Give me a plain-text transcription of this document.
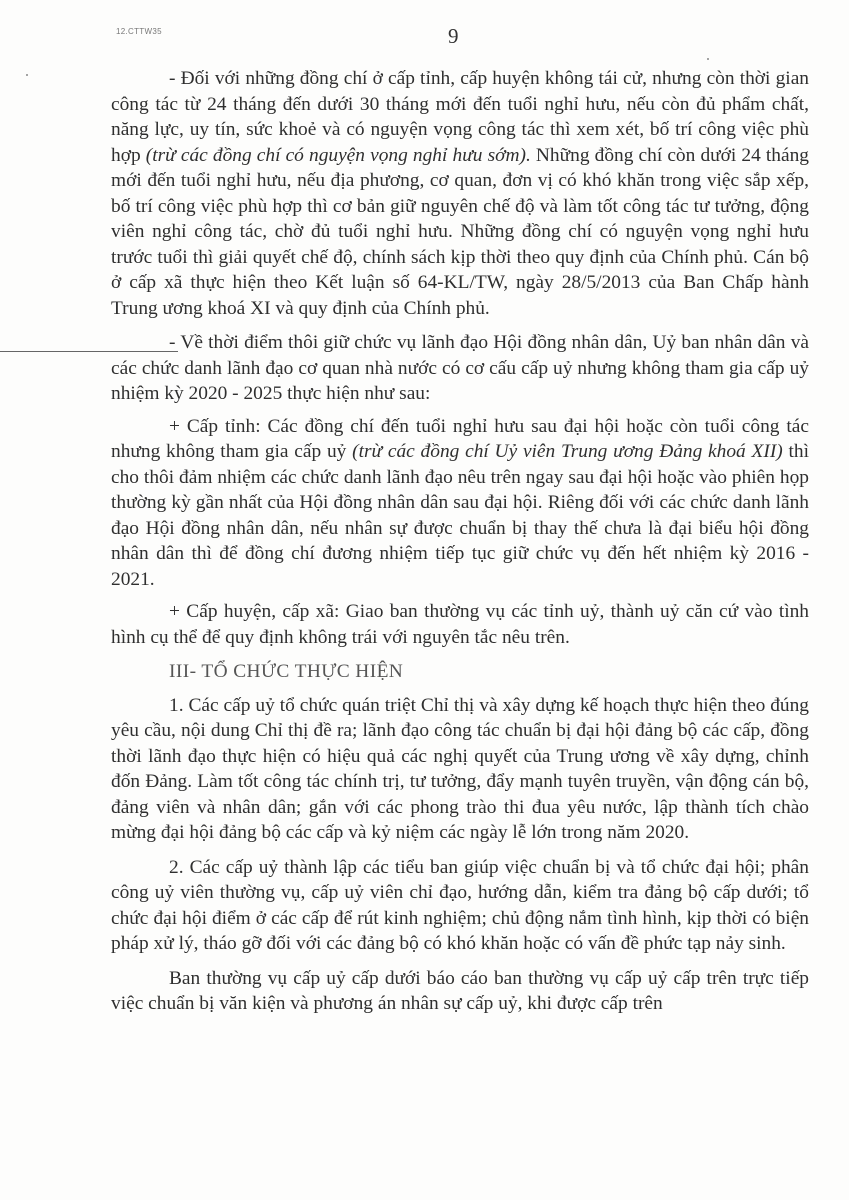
12.CTTW35	9

- Đối với những đồng chí ở cấp tỉnh, cấp huyện không tái cử, nhưng còn thời gian công tác từ 24 tháng đến dưới 30 tháng mới đến tuổi nghỉ hưu, nếu còn đủ phẩm chất, năng lực, uy tín, sức khoẻ và có nguyện vọng công tác thì xem xét, bố trí công việc phù hợp (trừ các đồng chí có nguyện vọng nghỉ hưu sớm). Những đồng chí còn dưới 24 tháng mới đến tuổi nghỉ hưu, nếu địa phương, cơ quan, đơn vị có khó khăn trong việc sắp xếp, bố trí công việc phù hợp thì cơ bản giữ nguyên chế độ và làm tốt công tác tư tưởng, động viên nghỉ công tác, chờ đủ tuổi nghỉ hưu. Những đồng chí có nguyện vọng nghỉ hưu trước tuổi thì giải quyết chế độ, chính sách kịp thời theo quy định của Chính phủ. Cán bộ ở cấp xã thực hiện theo Kết luận số 64-KL/TW, ngày 28/5/2013 của Ban Chấp hành Trung ương khoá XI và quy định của Chính phủ.

- Về thời điểm thôi giữ chức vụ lãnh đạo Hội đồng nhân dân, Uỷ ban nhân dân và các chức danh lãnh đạo cơ quan nhà nước có cơ cấu cấp uỷ nhưng không tham gia cấp uỷ nhiệm kỳ 2020 - 2025 thực hiện như sau:

+ Cấp tỉnh: Các đồng chí đến tuổi nghỉ hưu sau đại hội hoặc còn tuổi công tác nhưng không tham gia cấp uỷ (trừ các đồng chí Uỷ viên Trung ương Đảng khoá XII) thì cho thôi đảm nhiệm các chức danh lãnh đạo nêu trên ngay sau đại hội hoặc vào phiên họp thường kỳ gần nhất của Hội đồng nhân dân sau đại hội. Riêng đối với các chức danh lãnh đạo Hội đồng nhân dân, nếu nhân sự được chuẩn bị thay thế chưa là đại biểu hội đồng nhân dân thì để đồng chí đương nhiệm tiếp tục giữ chức vụ đến hết nhiệm kỳ 2016 - 2021.

+ Cấp huyện, cấp xã: Giao ban thường vụ các tỉnh uỷ, thành uỷ căn cứ vào tình hình cụ thể để quy định không trái với nguyên tắc nêu trên.

III- TỔ CHỨC THỰC HIỆN

1. Các cấp uỷ tổ chức quán triệt Chỉ thị và xây dựng kế hoạch thực hiện theo đúng yêu cầu, nội dung Chỉ thị đề ra; lãnh đạo công tác chuẩn bị đại hội đảng bộ các cấp, đồng thời lãnh đạo thực hiện có hiệu quả các nghị quyết của Trung ương về xây dựng, chỉnh đốn Đảng. Làm tốt công tác chính trị, tư tưởng, đẩy mạnh tuyên truyền, vận động cán bộ, đảng viên và nhân dân; gắn với các phong trào thi đua yêu nước, lập thành tích chào mừng đại hội đảng bộ các cấp và kỷ niệm các ngày lễ lớn trong năm 2020.

2. Các cấp uỷ thành lập các tiểu ban giúp việc chuẩn bị và tổ chức đại hội; phân công uỷ viên thường vụ, cấp uỷ viên chỉ đạo, hướng dẫn, kiểm tra đảng bộ cấp dưới; tổ chức đại hội điểm ở các cấp để rút kinh nghiệm; chủ động nắm tình hình, kịp thời có biện pháp xử lý, tháo gỡ đối với các đảng bộ có khó khăn hoặc có vấn đề phức tạp nảy sinh.

Ban thường vụ cấp uỷ cấp dưới báo cáo ban thường vụ cấp uỷ cấp trên trực tiếp việc chuẩn bị văn kiện và phương án nhân sự cấp uỷ, khi được cấp trên
